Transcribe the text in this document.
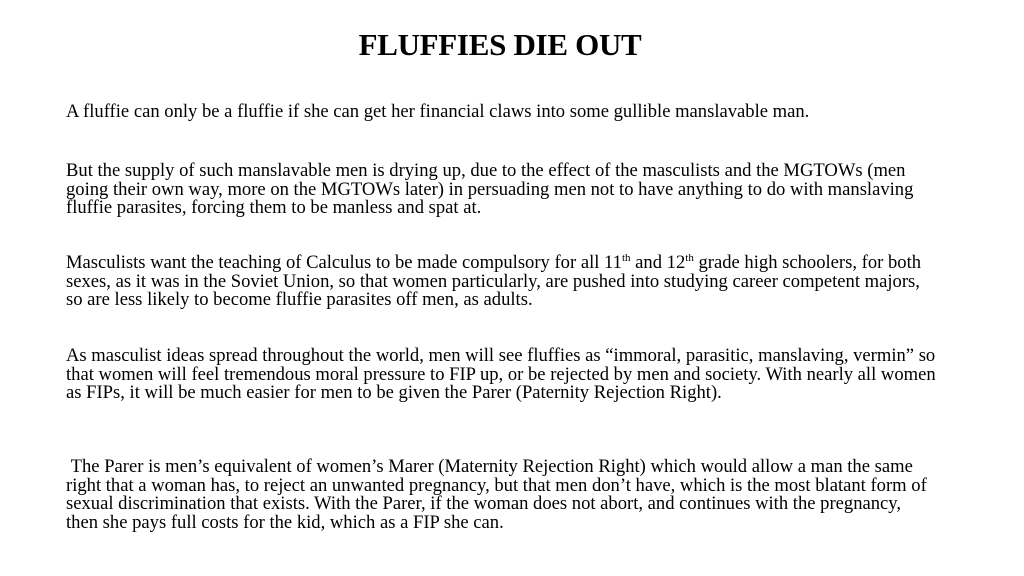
FLUFFIES DIE OUT

A fluffie can only be a fluffie if she can get her financial claws into some gullible manslavable man.

But the supply of such manslavable men is drying up, due to the effect of the masculists and the MGTOWs (men going their own way, more on the MGTOWs later) in persuading men not to have anything to do with manslaving fluffie parasites, forcing them to be manless and spat at.

Masculists want the teaching of Calculus to be made compulsory for all 11th and 12th grade high schoolers, for both sexes, as it was in the Soviet Union, so that women particularly, are pushed into studying career competent majors, so are less likely to become fluffie parasites off men, as adults.

As masculist ideas spread throughout the world, men will see fluffies as “immoral, parasitic, manslaving, vermin” so that women will feel tremendous moral pressure to FIP up, or be rejected by men and society. With nearly all women as FIPs, it will be much easier for men to be given the Parer (Paternity Rejection Right).

The Parer is men’s equivalent of women’s Marer (Maternity Rejection Right) which would allow a man the same right that a woman has, to reject an unwanted pregnancy, but that men don’t have, which is the most blatant form of sexual discrimination that exists. With the Parer, if the woman does not abort, and continues with the pregnancy, then she pays full costs for the kid, which as a FIP she can.
